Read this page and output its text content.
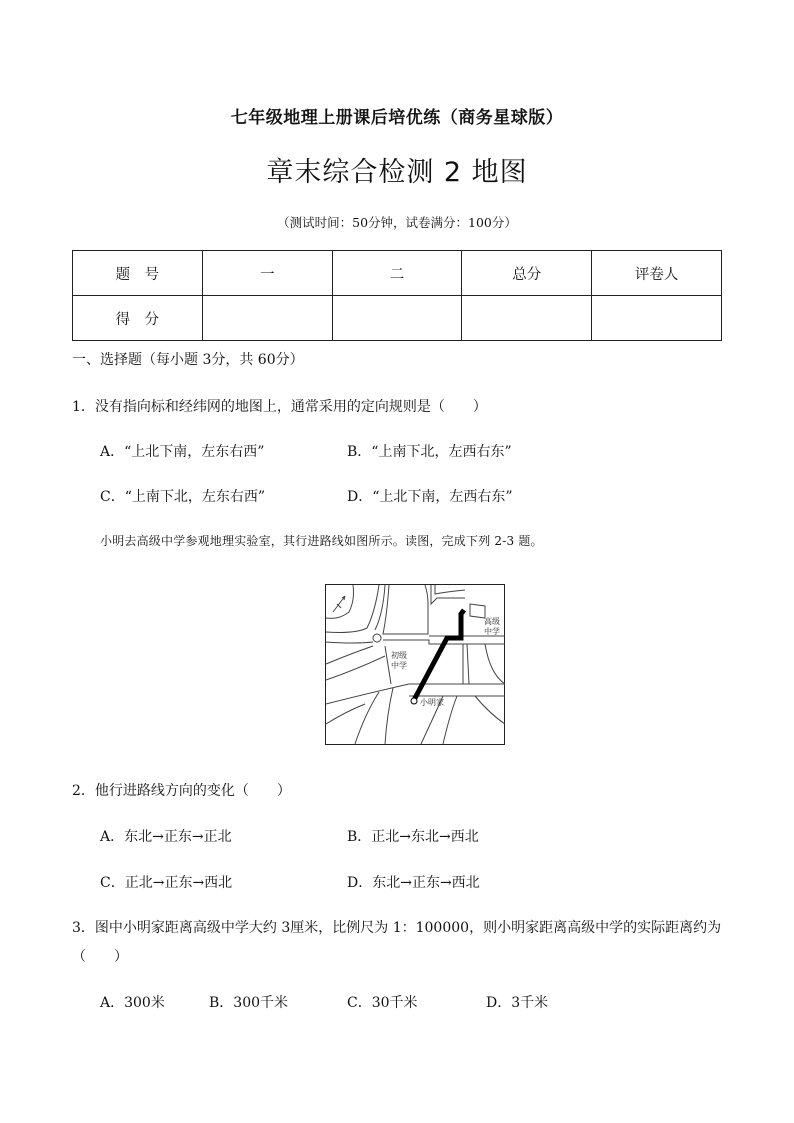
七年级地理上册课后培优练（商务星球版）
章末综合检测 2 地图
（测试时间：50分钟，试卷满分：100分）
题　号	一	二	总分	评卷人
得　分				
一、选择题（每小题 3分，共 60分）
1．没有指向标和经纬网的地图上，通常采用的定向规则是（　　）
A．“上北下南，左东右西”	B．“上南下北，左西右东”
C．“上南下北，左东右西”	D．“上北下南，左西右东”
小明去高级中学参观地理实验室，其行进路线如图所示。读图，完成下列 2-3 题。
高级
中学
初级
中学
小明家
2．他行进路线方向的变化（　　）
A．东北→正东→正北	B．正北→东北→西北
C．正北→正东→西北	D．东北→正东→西北
3．图中小明家距离高级中学大约 3厘米，比例尺为 1：100000，则小明家距离高级中学的实际距离约为
（　　）
A．300米	B．300千米	C．30千米	D．3千米
